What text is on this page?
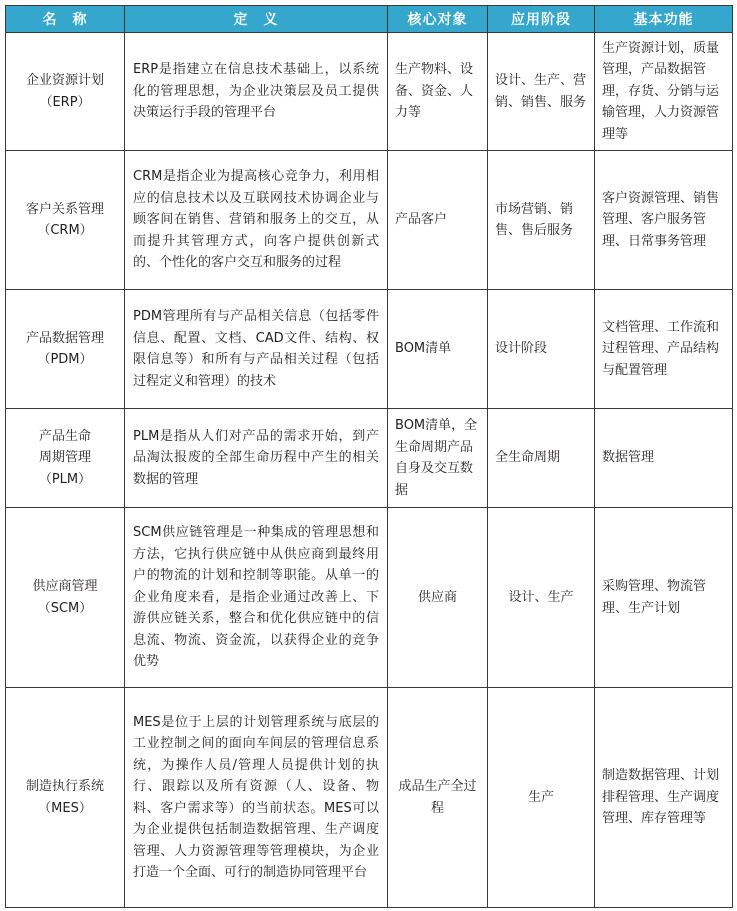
名　称	定　义	核心对象	应用阶段	基本功能

企业资源计划
（ERP）	ERP是指建立在信息技术基础上，以系统化的管理思想，为企业决策层及员工提供决策运行手段的管理平台	生产物料、设备、资金、人力等	设计、生产、营销、销售、服务	生产资源计划，质量管理，产品数据管理，存货、分销与运输管理，人力资源管理等

客户关系管理
（CRM）	CRM是指企业为提高核心竞争力，利用相应的信息技术以及互联网技术协调企业与顾客间在销售、营销和服务上的交互，从而提升其管理方式，向客户提供创新式的、个性化的客户交互和服务的过程	产品客户	市场营销、销售、售后服务	客户资源管理、销售管理、客户服务管理、日常事务管理

产品数据管理
（PDM）	PDM管理所有与产品相关信息（包括零件信息、配置、文档、CAD文件、结构、权限信息等）和所有与产品相关过程（包括过程定义和管理）的技术	BOM清单	设计阶段	文档管理、工作流和过程管理、产品结构与配置管理

产品生命
周期管理
（PLM）	PLM是指从人们对产品的需求开始，到产品淘汰报废的全部生命历程中产生的相关数据的管理	BOM清单，全生命周期产品自身及交互数据	全生命周期	数据管理

供应商管理
（SCM）	SCM供应链管理是一种集成的管理思想和方法，它执行供应链中从供应商到最终用户的物流的计划和控制等职能。从单一的企业角度来看，是指企业通过改善上、下游供应链关系，整合和优化供应链中的信息流、物流、资金流，以获得企业的竞争优势	供应商	设计、生产	采购管理、物流管理、生产计划

制造执行系统
（MES）	MES是位于上层的计划管理系统与底层的工业控制之间的面向车间层的管理信息系统，为操作人员/管理人员提供计划的执行、跟踪以及所有资源（人、设备、物料、客户需求等）的当前状态。MES可以为企业提供包括制造数据管理、生产调度管理、人力资源管理等管理模块，为企业打造一个全面、可行的制造协同管理平台	成品生产全过程	生产	制造数据管理、计划排程管理、生产调度管理、库存管理等
